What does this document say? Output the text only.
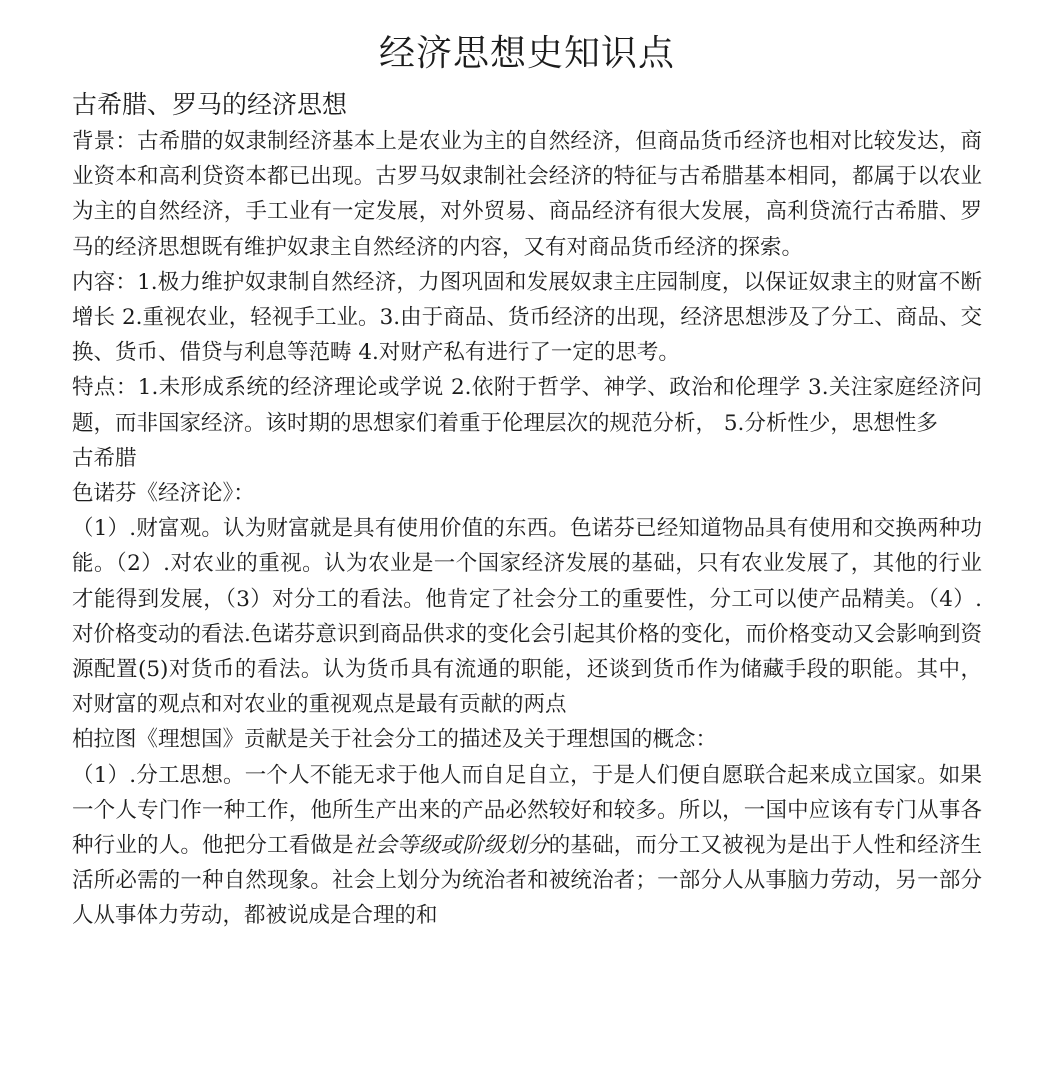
经济思想史知识点
古希腊、罗马的经济思想

背景：古希腊的奴隶制经济基本上是农业为主的自然经济，但商品货币经济也相对比较发达，商业资本和高利贷资本都已出现。古罗马奴隶制社会经济的特征与古希腊基本相同，都属于以农业为主的自然经济，手工业有一定发展，对外贸易、商品经济有很大发展，高利贷流行古希腊、罗马的经济思想既有维护奴隶主自然经济的内容，又有对商品货币经济的探索。

内容：1.极力维护奴隶制自然经济，力图巩固和发展奴隶主庄园制度，以保证奴隶主的财富不断增长 2.重视农业，轻视手工业。3.由于商品、货币经济的出现，经济思想涉及了分工、商品、交换、货币、借贷与利息等范畴 4.对财产私有进行了一定的思考。

特点：1.未形成系统的经济理论或学说 2.依附于哲学、神学、政治和伦理学 3.关注家庭经济问题，而非国家经济。该时期的思想家们着重于伦理层次的规范分析， 5.分析性少，思想性多

古希腊

色诺芬《经济论》：

（1）.财富观。认为财富就是具有使用价值的东西。色诺芬已经知道物品具有使用和交换两种功能。（2）.对农业的重视。认为农业是一个国家经济发展的基础，只有农业发展了，其他的行业才能得到发展，（3）对分工的看法。他肯定了社会分工的重要性，分工可以使产品精美。（4）.对价格变动的看法.色诺芬意识到商品供求的变化会引起其价格的变化，而价格变动又会影响到资源配置(5)对货币的看法。认为货币具有流通的职能，还谈到货币作为储藏手段的职能。其中，对财富的观点和对农业的重视观点是最有贡献的两点

柏拉图《理想国》贡献是关于社会分工的描述及关于理想国的概念：

（1）.分工思想。一个人不能无求于他人而自足自立，于是人们便自愿联合起来成立国家。如果一个人专门作一种工作，他所生产出来的产品必然较好和较多。所以，一国中应该有专门从事各种行业的人。他把分工看做是社会等级或阶级划分的基础，而分工又被视为是出于人性和经济生活所必需的一种自然现象。社会上划分为统治者和被统治者；一部分人从事脑力劳动，另一部分人从事体力劳动，都被说成是合理的和
